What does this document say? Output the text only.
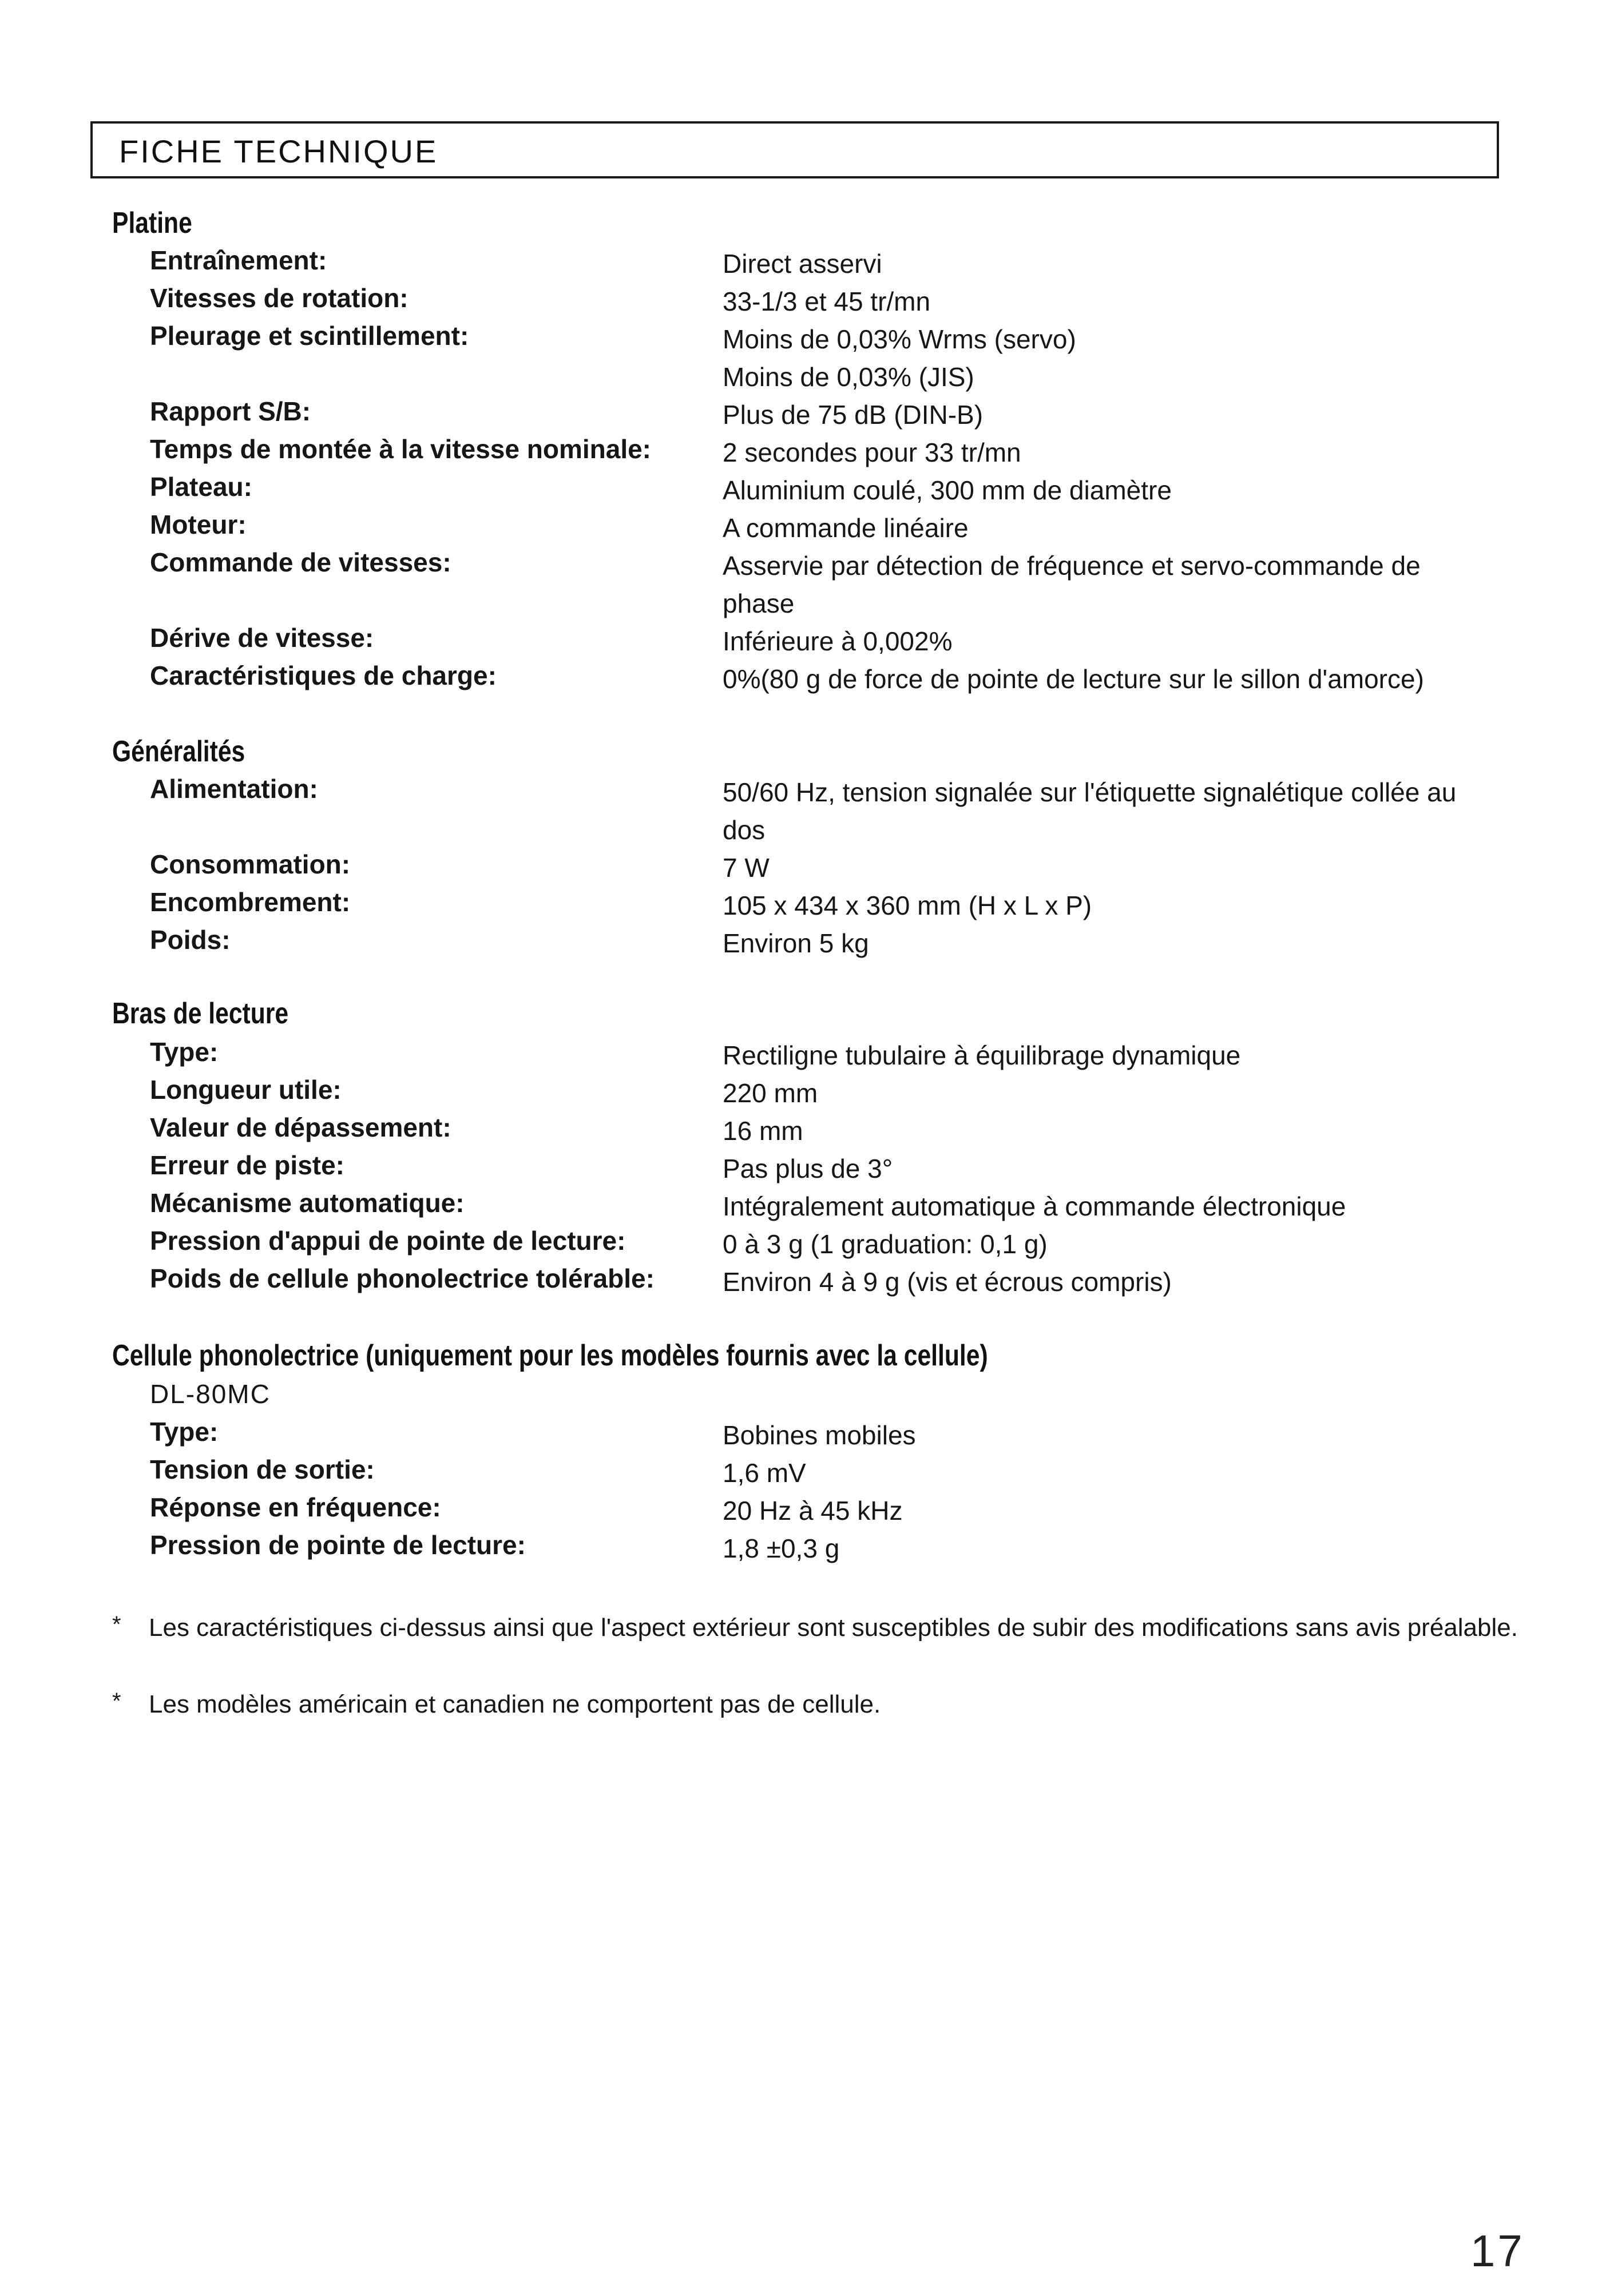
FICHE TECHNIQUE
Platine
Entraînement:	Direct asservi
Vitesses de rotation:	33-1/3 et 45 tr/mn
Pleurage et scintillement:	Moins de 0,03% Wrms (servo)
Moins de 0,03% (JIS)
Rapport S/B:	Plus de 75 dB (DIN-B)
Temps de montée à la vitesse nominale:	2 secondes pour 33 tr/mn
Plateau:	Aluminium coulé, 300 mm de diamètre
Moteur:	A commande linéaire
Commande de vitesses:	Asservie par détection de fréquence et servo-commande de phase
Dérive de vitesse:	Inférieure à 0,002%
Caractéristiques de charge:	0%(80 g de force de pointe de lecture sur le sillon d'amorce)
Généralités
Alimentation:	50/60 Hz, tension signalée sur l'étiquette signalétique collée au dos
Consommation:	7 W
Encombrement:	105 x 434 x 360 mm (H x L x P)
Poids:	Environ 5 kg
Bras de lecture
Type:	Rectiligne tubulaire à équilibrage dynamique
Longueur utile:	220 mm
Valeur de dépassement:	16 mm
Erreur de piste:	Pas plus de 3°
Mécanisme automatique:	Intégralement automatique à commande électronique
Pression d'appui de pointe de lecture:	0 à 3 g (1 graduation: 0,1 g)
Poids de cellule phonolectrice tolérable:	Environ 4 à 9 g (vis et écrous compris)
Cellule phonolectrice (uniquement pour les modèles fournis avec la cellule)
DL-80MC
Type:	Bobines mobiles
Tension de sortie:	1,6 mV
Réponse en fréquence:	20 Hz à 45 kHz
Pression de pointe de lecture:	1,8 ±0,3 g
* Les caractéristiques ci-dessus ainsi que l'aspect extérieur sont susceptibles de subir des modifications sans avis préalable.
* Les modèles américain et canadien ne comportent pas de cellule.
17
